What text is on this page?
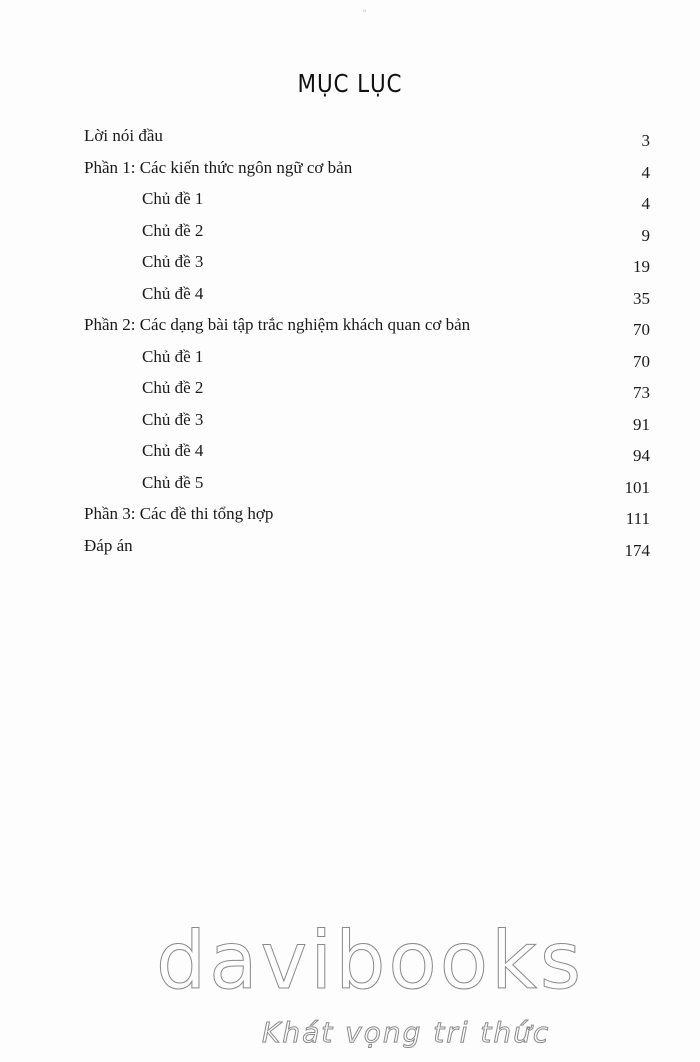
ᵤ
MỤC LỤC
Lời nói đầu	3
Phần 1: Các kiến thức ngôn ngữ cơ bản	4
Chủ đề 1	4
Chủ đề 2	9
Chủ đề 3	19
Chủ đề 4	35
Phần 2: Các dạng bài tập trắc nghiệm khách quan cơ bản	70
Chủ đề 1	70
Chủ đề 2	73
Chủ đề 3	91
Chủ đề 4	94
Chủ đề 5	101
Phần 3: Các đề thi tổng hợp	111
Đáp án	174
davibooks
Khát vọng tri thức
